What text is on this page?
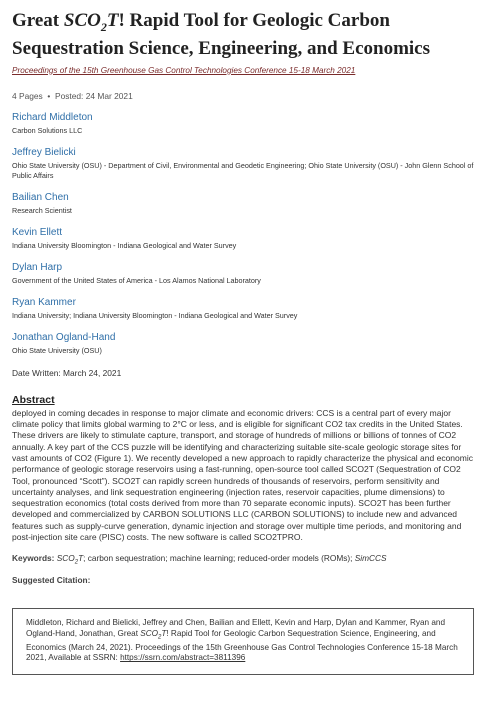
Great $SCO_2T$! Rapid Tool for Geologic Carbon Sequestration Science, Engineering, and Economics
Proceedings of the 15th Greenhouse Gas Control Technologies Conference 15-18 March 2021
4 Pages  •  Posted: 24 Mar 2021
Richard Middleton
Carbon Solutions LLC
Jeffrey Bielicki
Ohio State University (OSU) - Department of Civil, Environmental and Geodetic Engineering; Ohio State University (OSU) - John Glenn School of Public Affairs
Bailian Chen
Research Scientist
Kevin Ellett
Indiana University Bloomington - Indiana Geological and Water Survey
Dylan Harp
Government of the United States of America - Los Alamos National Laboratory
Ryan Kammer
Indiana University; Indiana University Bloomington - Indiana Geological and Water Survey
Jonathan Ogland-Hand
Ohio State University (OSU)
Date Written: March 24, 2021
Abstract
deployed in coming decades in response to major climate and economic drivers: CCS is a central part of every major climate policy that limits global warming to 2°C or less, and is eligible for significant CO2 tax credits in the United States. These drivers are likely to stimulate capture, transport, and storage of hundreds of millions or billions of tonnes of CO2 annually. A key part of the CCS puzzle will be identifying and characterizing suitable site-scale geologic storage sites for vast amounts of CO2 (Figure 1). We recently developed a new approach to rapidly characterize the physical and economic performance of geologic storage reservoirs using a fast-running, open-source tool called SCO2T (Sequestration of CO2 Tool, pronounced “Scott”). SCO2T can rapidly screen hundreds of thousands of reservoirs, perform sensitivity and uncertainty analyses, and link sequestration engineering (injection rates, reservoir capacities, plume dimensions) to sequestration economics (total costs derived from more than 70 separate economic inputs). SCO2T has been further developed and commercialized by CARBON SOLUTIONS LLC (CARBON SOLUTIONS) to include new and advanced features such as supply-curve generation, dynamic injection and storage over multiple time periods, and monitoring and post-injection site care (PISC) costs. The new software is called SCO2TPRO.
Keywords: $SCO_2T$; carbon sequestration; machine learning; reduced-order models (ROMs); SimCCS
Suggested Citation:
Middleton, Richard and Bielicki, Jeffrey and Chen, Bailian and Ellett, Kevin and Harp, Dylan and Kammer, Ryan and Ogland-Hand, Jonathan, Great $SCO_2T$! Rapid Tool for Geologic Carbon Sequestration Science, Engineering, and Economics (March 24, 2021). Proceedings of the 15th Greenhouse Gas Control Technologies Conference 15-18 March 2021, Available at SSRN: https://ssrn.com/abstract=3811396
